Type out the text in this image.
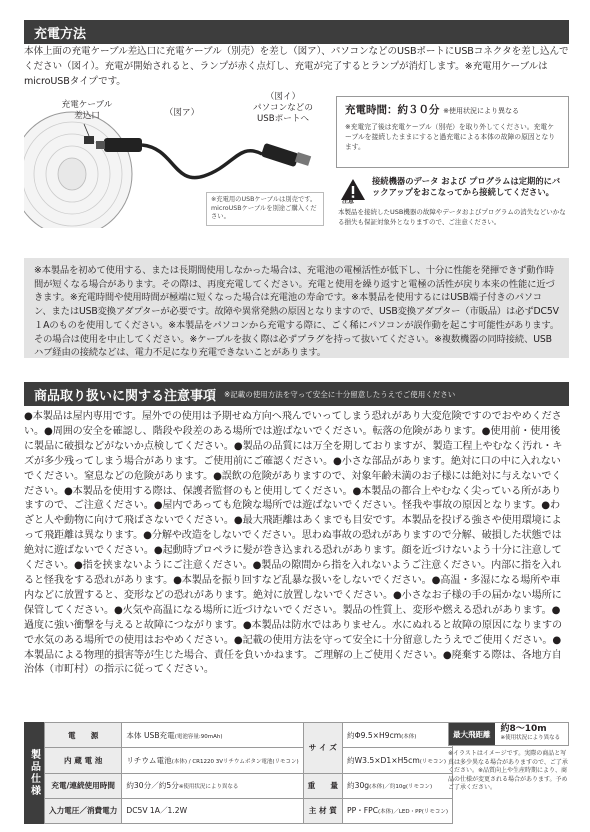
充電方法
本体上面の充電ケーブル差込口に充電ケーブル（別売）を差し（図ア）、パソコンなどのUSBポートにUSBコネクタを差し込んでください（図イ）。充電が開始されると、ランプが赤く点灯し、充電が完了するとランプが消灯します。※充電用ケーブルはmicroUSBタイプです。
充電ケーブル
差込口	（図ア）
（図イ）
パソコンなどの
USBポートへ
※充電用のUSBケーブルは別売です。microUSBケーブルを別途ご購入ください。
充電時間：約３０分 ※使用状況により異なる
※充電完了後は充電ケーブル（別売）を取り外してください。充電ケーブルを接続したままにすると過充電による本体の故障の原因となります。
注意
接続機器のデータ および プログラムは定期的にバックアップをおこなってから接続してください。
本製品を接続したUSB機器の故障やデータおよびプログラムの消失などいかなる損失も保証対象外となりますので、ご注意ください。
※本製品を初めて使用する、または長期間使用しなかった場合は、充電池の電極活性が低下し、十分に性能を発揮できず動作時間が短くなる場合があります。その際は、再度充電してください。充電と使用を繰り返すと電極の活性が戻り本来の性能に近づきます。※充電時間や使用時間が極端に短くなった場合は充電池の寿命です。※本製品を使用するにはUSB端子付きのパソコン、またはUSB変換アダプターが必要です。故障や異常発熱の原因となりますので、USB変換アダプター（市販品）は必ずDC5V１Aのものを使用してください。※本製品をパソコンから充電する際に、ごく稀にパソコンが誤作動を起こす可能性があります。その場合は使用を中止してください。※ケーブルを抜く際は必ずプラグを持って抜いてください。※複数機器の同時接続、USBハブ経由の接続などは、電力不足になり充電できないことがあります。
商品取り扱いに関する注意事項 ※記載の使用方法を守って安全に十分留意したうえでご使用ください
●本製品は屋内専用です。屋外での使用は予期せぬ方向へ飛んでいってしまう恐れがあり大変危険ですのでおやめください。●周囲の安全を確認し、階段や段差のある場所では遊ばないでください。転落の危険があります。●使用前・使用後に製品に破損などがないか点検してください。●製品の品質には万全を期しておりますが、製造工程上やむなく汚れ・キズが多少残ってしまう場合があります。ご使用前にご確認ください。●小さな部品があります。絶対に口の中に入れないでください。窒息などの危険があります。●誤飲の危険がありますので、対象年齢未満のお子様には絶対に与えないでください。●本製品を使用する際は、保護者監督のもと使用してください。●本製品の都合上やむなく尖っている所がありますので、ご注意ください。●屋内であっても危険な場所では遊ばないでください。怪我や事故の原因となります。●わざと人や動物に向けて飛ばさないでください。●最大飛距離はあくまでも目安です。本製品を投げる強さや使用環境によって飛距離は異なります。●分解や改造をしないでください。思わぬ事故の恐れがありますので分解、破損した状態では絶対に遊ばないでください。●起動時プロペラに髪が巻き込まれる恐れがあります。顔を近づけないよう十分に注意してください。●指を挟まないようにご注意ください。●製品の隙間から指を入れないようご注意ください。内部に指を入れると怪我をする恐れがあります。●本製品を振り回すなど乱暴な扱いをしないでください。●高温・多湿になる場所や車内などに放置すると、変形などの恐れがあります。絶対に放置しないでください。●小さなお子様の手の届かない場所に保管してください。●火気や高温になる場所に近づけないでください。製品の性質上、変形や燃える恐れがあります。●過度に強い衝撃を与えると故障につながります。●本製品は防水ではありません。水にぬれると故障の原因になりますので水気のある場所での使用はおやめください。●記載の使用方法を守って安全に十分留意したうえでご使用ください。●本製品による物理的損害等が生じた場合、責任を負いかねます。ご理解の上ご使用ください。●廃棄する際は、各地方自治体（市町村）の指示に従ってください。
製品仕様
電　　源	本体 USB充電(電池容量:90mAh)	サ イ ズ	約Φ9.5×H9cm(本体)
内 蔵 電 池	リチウム電池(本体) / CR1220 3Vリチウムボタン電池(リモコン)		約W3.5×D1×H5cm(リモコン)
充電/連続使用時間	約30分／約5分※使用状況により異なる	重　　量	約30g(本体)／約10g(リモコン)
入力電圧／消費電力	DC5V 1A／1.2W	主 材 質	PP・FPC(本体)／LED・PP(リモコン)
最大飛距離	約8〜10m
※使用状況により異なる
※イラストはイメージです。実際の商品と写真は多少異なる場合がありますので、ご了承ください。※品質向上や生産時期により、商品の仕様が変更される場合があります。予めご了承ください。
